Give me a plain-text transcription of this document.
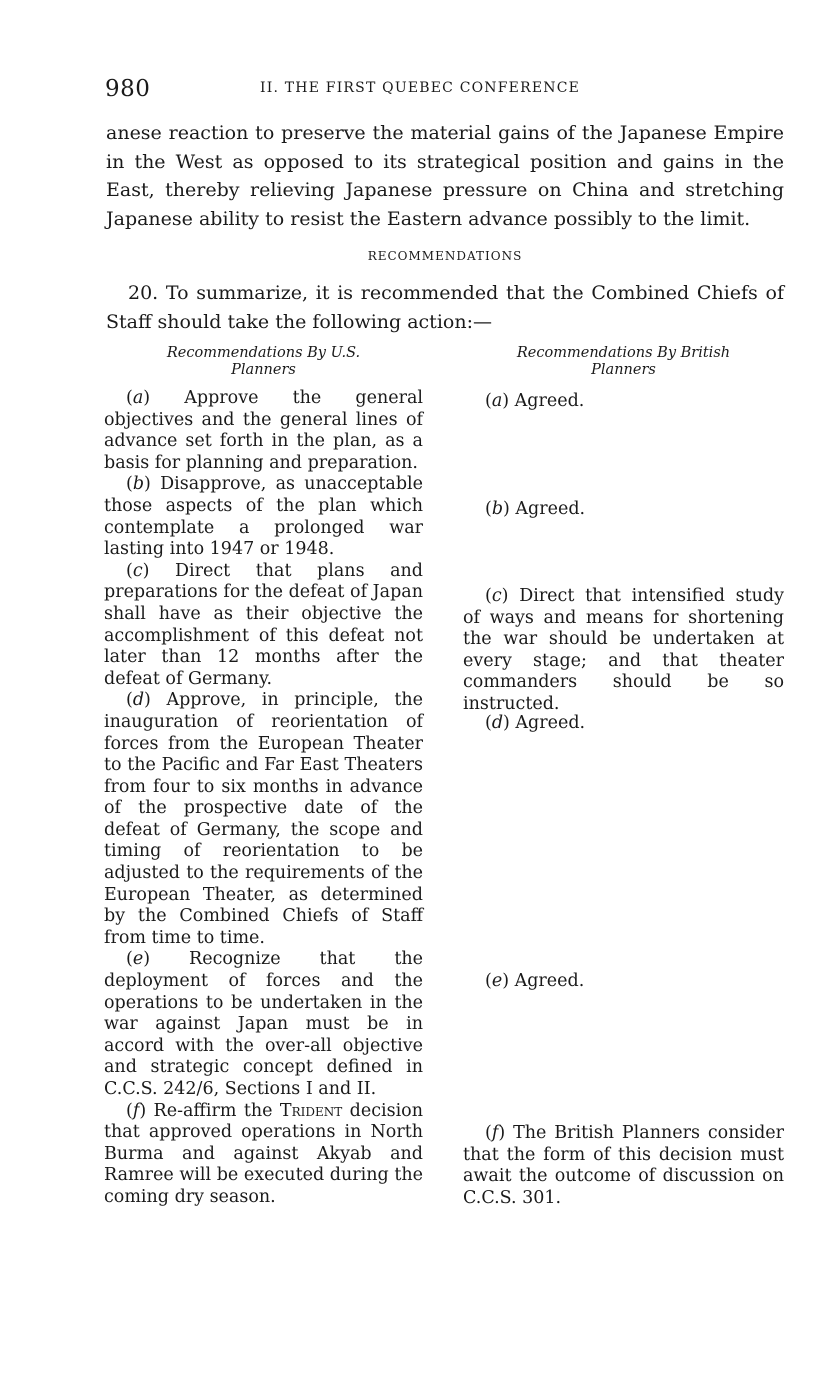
980	II. THE FIRST QUEBEC CONFERENCE

anese reaction to preserve the material gains of the Japanese Empire in the West as opposed to its strategical position and gains in the East, thereby relieving Japanese pressure on China and stretching Japanese ability to resist the Eastern advance possibly to the limit.

RECOMMENDATIONS

20. To summarize, it is recommended that the Combined Chiefs of Staff should take the following action:—

Recommendations By U.S.
Planners

(a) Approve the general objectives and the general lines of advance set forth in the plan, as a basis for planning and preparation.

(b) Disapprove, as unacceptable those aspects of the plan which contemplate a prolonged war lasting into 1947 or 1948.

(c) Direct that plans and preparations for the defeat of Japan shall have as their objective the accomplishment of this defeat not later than 12 months after the defeat of Germany.

(d) Approve, in principle, the inauguration of reorientation of forces from the European Theater to the Pacific and Far East Theaters from four to six months in advance of the prospective date of the defeat of Germany, the scope and timing of reorientation to be adjusted to the requirements of the European Theater, as determined by the Combined Chiefs of Staff from time to time.

(e) Recognize that the deployment of forces and the operations to be undertaken in the war against Japan must be in accord with the over-all objective and strategic concept defined in C.C.S. 242/6, Sections I and II.

(f) Re-affirm the Trident decision that approved operations in North Burma and against Akyab and Ramree will be executed during the coming dry season.

Recommendations By British
Planners

(a) Agreed.

(b) Agreed.

(c) Direct that intensified study of ways and means for shortening the war should be undertaken at every stage; and that theater commanders should be so instructed.

(d) Agreed.

(e) Agreed.

(f) The British Planners consider that the form of this decision must await the outcome of discussion on C.C.S. 301.
